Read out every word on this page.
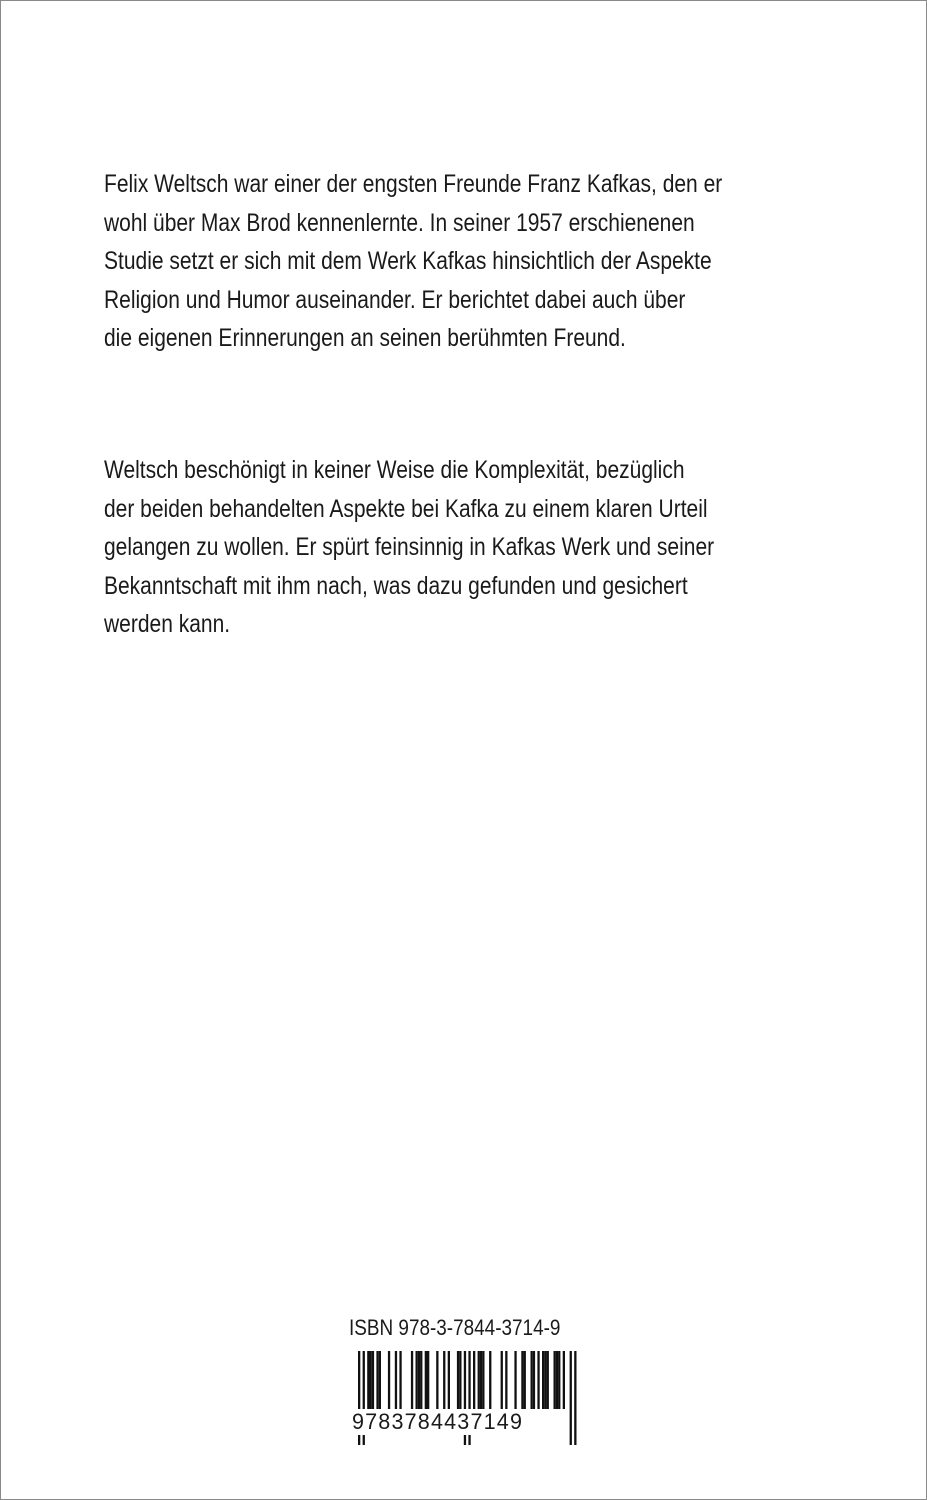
Felix Weltsch war einer der engsten Freunde Franz Kafkas, den er
wohl über Max Brod kennenlernte. In seiner 1957 erschienenen
Studie setzt er sich mit dem Werk Kafkas hinsichtlich der Aspekte
Religion und Humor auseinander. Er berichtet dabei auch über
die eigenen Erinnerungen an seinen berühmten Freund.
Weltsch beschönigt in keiner Weise die Komplexität, bezüglich
der beiden behandelten Aspekte bei Kafka zu einem klaren Urteil
gelangen zu wollen. Er spürt feinsinnig in Kafkas Werk und seiner
Bekanntschaft mit ihm nach, was dazu gefunden und gesichert
werden kann.
ISBN 978-3-7844-3714-9
9783784437149
